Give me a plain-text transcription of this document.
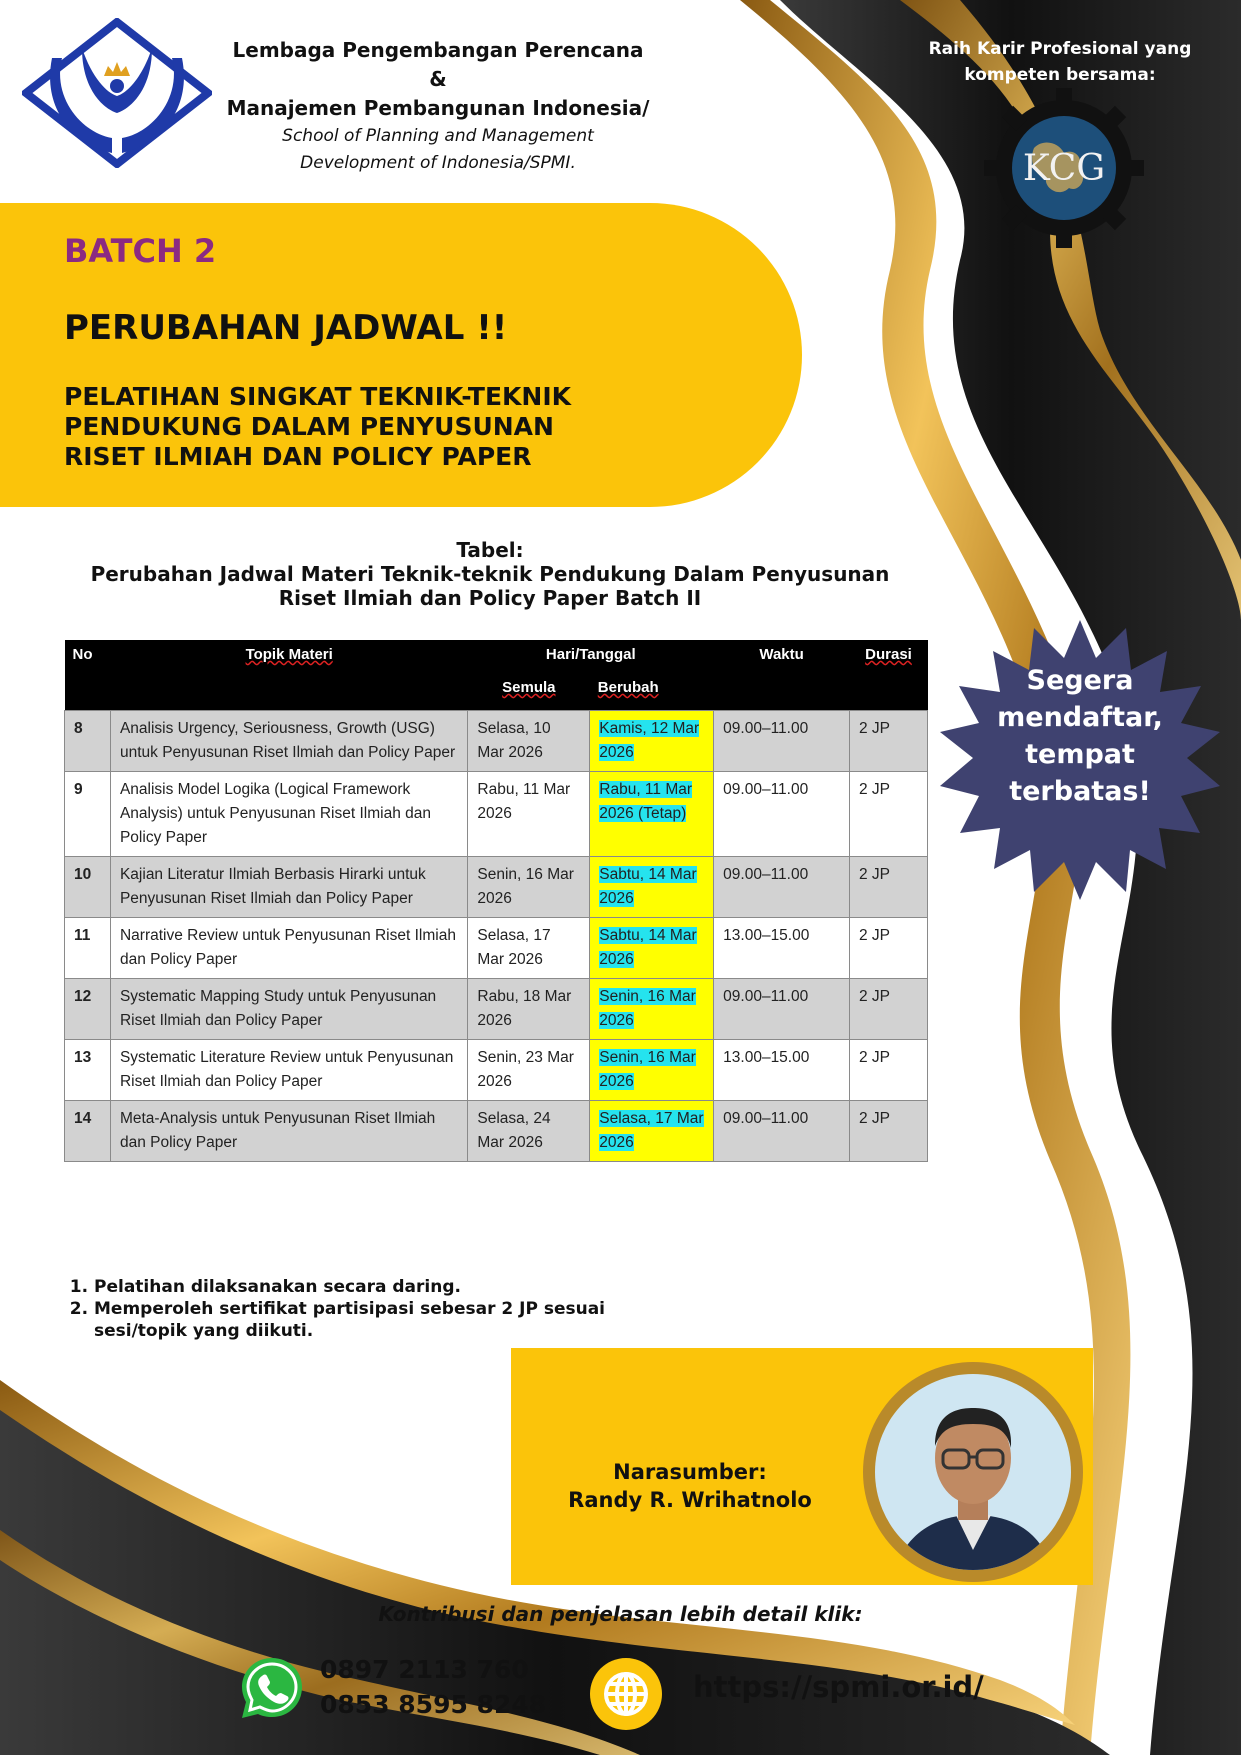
Lembaga Pengembangan Perencana
&
Manajemen Pembangunan Indonesia/
School of Planning and Management
Development of Indonesia/SPMI.
Raih Karir Profesional yang
kompeten bersama:
KCG
BATCH 2
PERUBAHAN JADWAL !!
PELATIHAN SINGKAT TEKNIK-TEKNIK
PENDUKUNG DALAM PENYUSUNAN
RISET ILMIAH DAN POLICY PAPER
Tabel:
Perubahan Jadwal Materi Teknik-teknik Pendukung Dalam Penyusunan
Riset Ilmiah dan Policy Paper Batch II
No	Topik Materi	Hari/Tanggal		Waktu	Durasi
		Semula	Berubah		
8	Analisis Urgency, Seriousness, Growth (USG) untuk Penyusunan Riset Ilmiah dan Policy Paper	Selasa, 10 Mar 2026	Kamis, 12 Mar 2026	09.00–11.00	2 JP
9	Analisis Model Logika (Logical Framework Analysis) untuk Penyusunan Riset Ilmiah dan Policy Paper	Rabu, 11 Mar 2026	Rabu, 11 Mar 2026 (Tetap)	09.00–11.00	2 JP
10	Kajian Literatur Ilmiah Berbasis Hirarki untuk Penyusunan Riset Ilmiah dan Policy Paper	Senin, 16 Mar 2026	Sabtu, 14 Mar 2026	09.00–11.00	2 JP
11	Narrative Review untuk Penyusunan Riset Ilmiah dan Policy Paper	Selasa, 17 Mar 2026	Sabtu, 14 Mar 2026	13.00–15.00	2 JP
12	Systematic Mapping Study untuk Penyusunan Riset Ilmiah dan Policy Paper	Rabu, 18 Mar 2026	Senin, 16 Mar 2026	09.00–11.00	2 JP
13	Systematic Literature Review untuk Penyusunan Riset Ilmiah dan Policy Paper	Senin, 23 Mar 2026	Senin, 16 Mar 2026	13.00–15.00	2 JP
14	Meta-Analysis untuk Penyusunan Riset Ilmiah dan Policy Paper	Selasa, 24 Mar 2026	Selasa, 17 Mar 2026	09.00–11.00	2 JP
1. Pelatihan dilaksanakan secara daring.
2. Memperoleh sertifikat partisipasi sebesar 2 JP sesuai sesi/topik yang diikuti.
Segera
mendaftar,
tempat
terbatas!
Narasumber:
Randy R. Wrihatnolo
Kontribusi dan penjelasan lebih detail klik:
0897 2113 760
0853 8595 8248
https://spmi.or.id/
